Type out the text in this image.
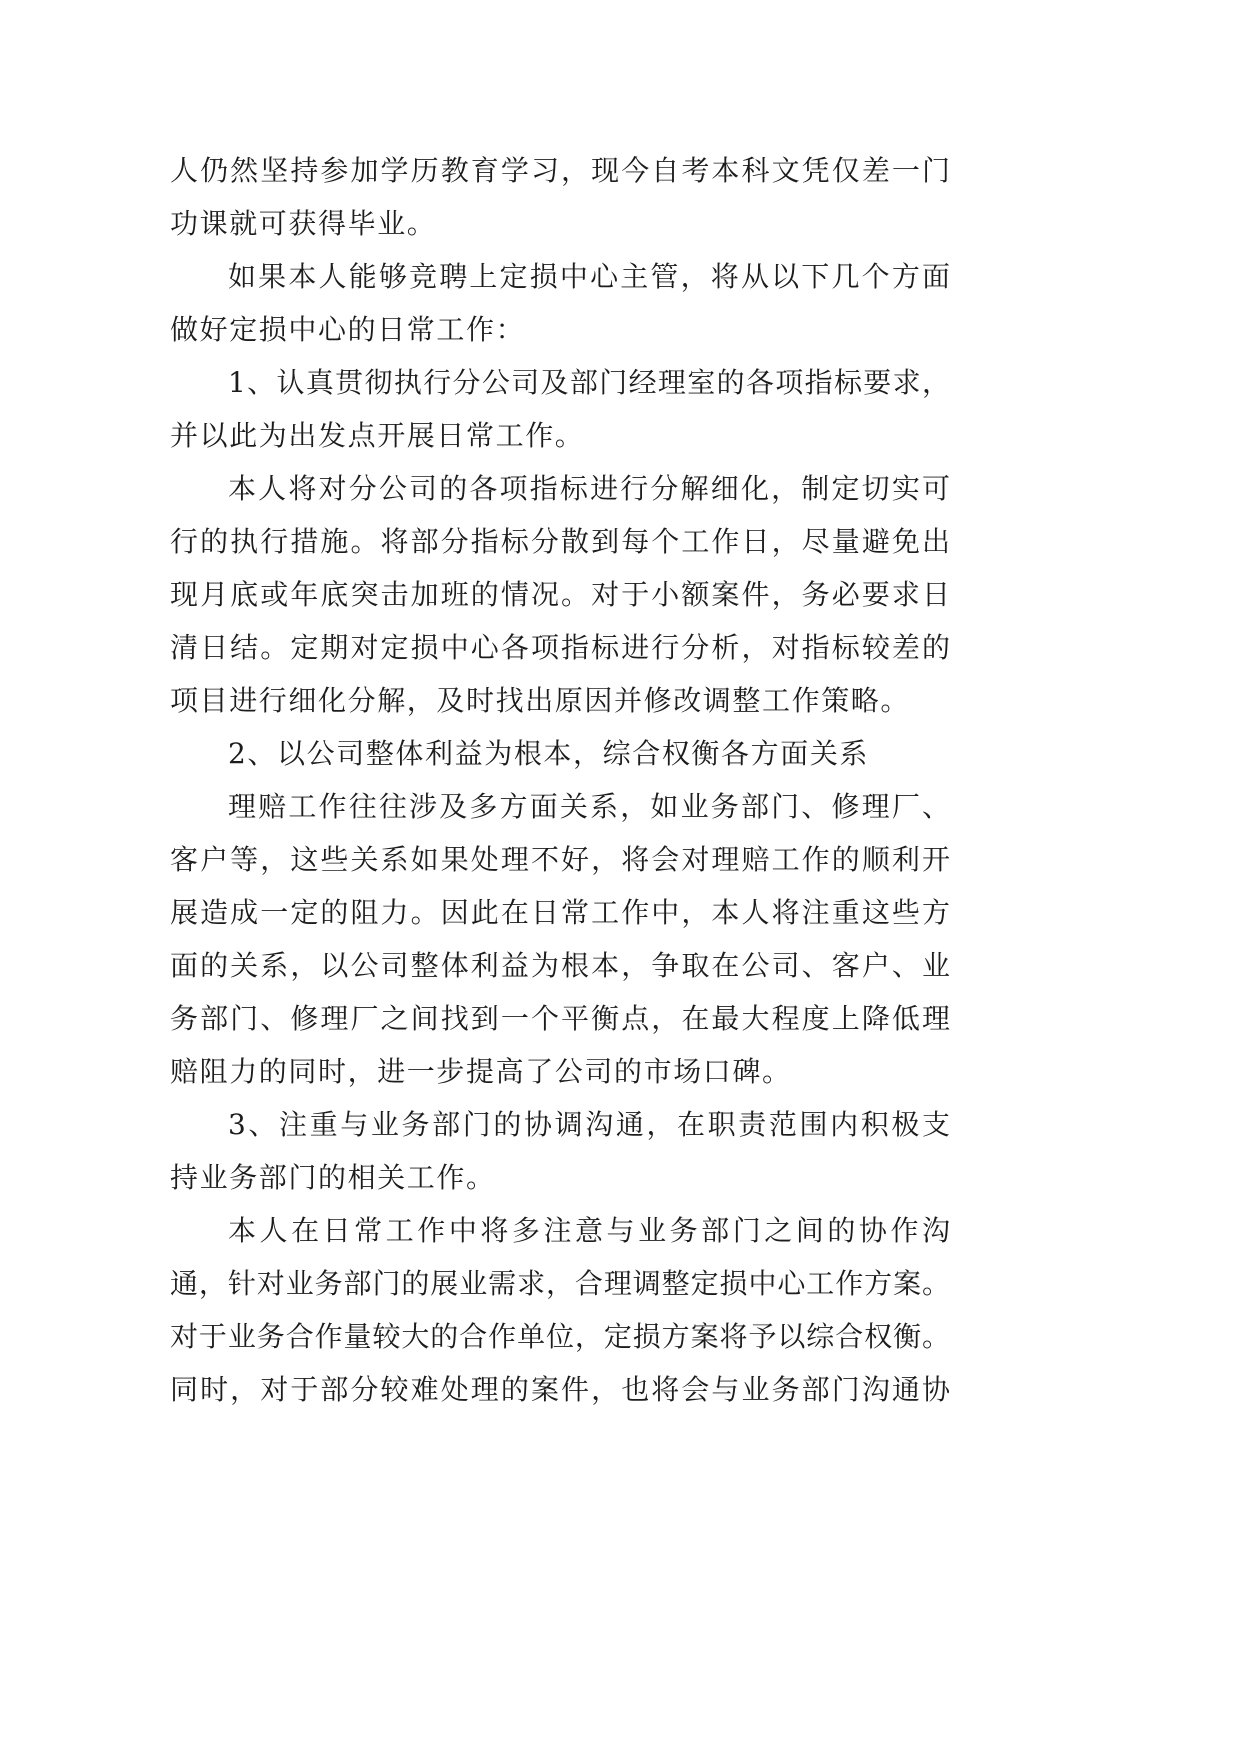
人仍然坚持参加学历教育学习，现今自考本科文凭仅差一门
功课就可获得毕业。
如果本人能够竞聘上定损中心主管，将从以下几个方面
做好定损中心的日常工作：
1、认真贯彻执行分公司及部门经理室的各项指标要求，
并以此为出发点开展日常工作。
本人将对分公司的各项指标进行分解细化，制定切实可
行的执行措施。将部分指标分散到每个工作日，尽量避免出
现月底或年底突击加班的情况。对于小额案件，务必要求日
清日结。定期对定损中心各项指标进行分析，对指标较差的
项目进行细化分解，及时找出原因并修改调整工作策略。
2、以公司整体利益为根本，综合权衡各方面关系
理赔工作往往涉及多方面关系，如业务部门、修理厂、
客户等，这些关系如果处理不好，将会对理赔工作的顺利开
展造成一定的阻力。因此在日常工作中，本人将注重这些方
面的关系，以公司整体利益为根本，争取在公司、客户、业
务部门、修理厂之间找到一个平衡点，在最大程度上降低理
赔阻力的同时，进一步提高了公司的市场口碑。
3、注重与业务部门的协调沟通，在职责范围内积极支
持业务部门的相关工作。
本人在日常工作中将多注意与业务部门之间的协作沟
通，针对业务部门的展业需求，合理调整定损中心工作方案。
对于业务合作量较大的合作单位，定损方案将予以综合权衡。
同时，对于部分较难处理的案件，也将会与业务部门沟通协
